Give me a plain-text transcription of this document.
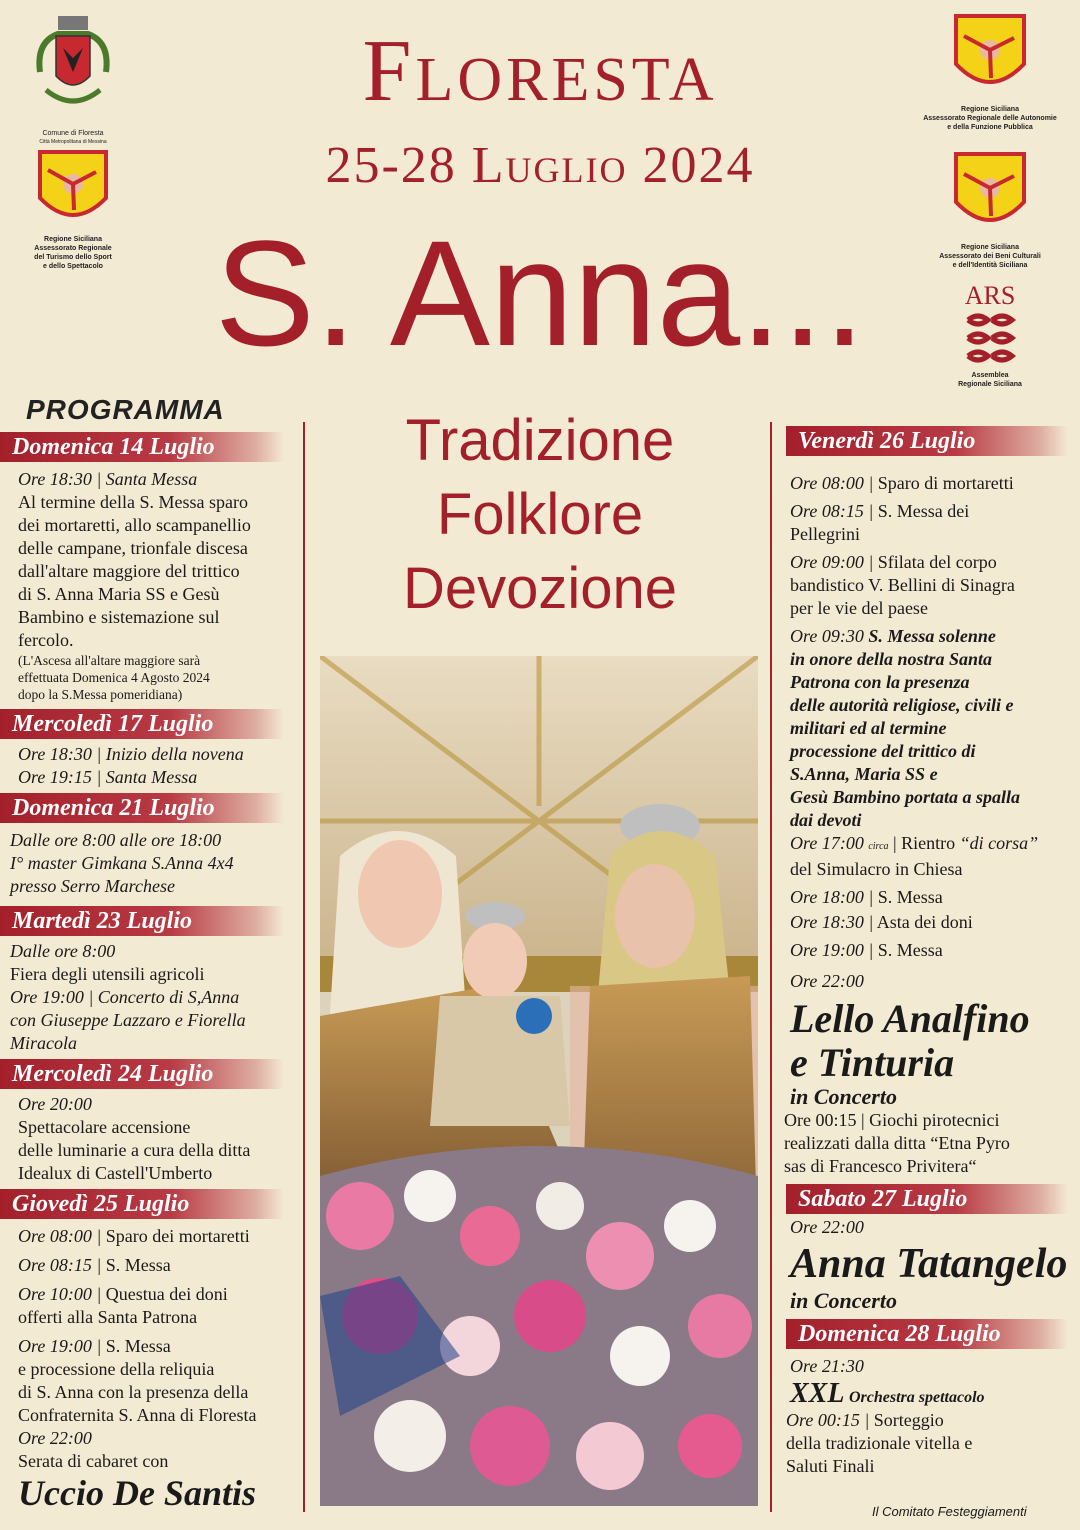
Floresta
25-28 Luglio 2024
S. Anna...
Tradizione
Folklore
Devozione
Comune di Floresta
Città Metropolitana di Messina
Regione Siciliana
Assessorato Regionale
del Turismo dello Sport
e dello Spettacolo
Regione Siciliana
Assessorato Regionale delle Autonomie
e della Funzione Pubblica
Regione Siciliana
Assessorato dei Beni Culturali
e dell'Identità Siciliana
ARS
Assemblea
Regionale Siciliana
PROGRAMMA
Domenica 14 Luglio

Ore 18:30 | Santa Messa

Al termine della S. Messa sparo

dei mortaretti, allo scampanellio

delle campane, trionfale discesa

dall'altare maggiore del trittico

di S. Anna Maria SS e Gesù

Bambino e sistemazione sul

fercolo.

(L'Ascesa all'altare maggiore sarà

effettuata Domenica 4 Agosto 2024

dopo la S.Messa pomeridiana)

Mercoledì 17 Luglio

Ore 18:30 | Inizio della novena

Ore 19:15 | Santa Messa

Domenica 21 Luglio

Dalle ore 8:00 alle ore 18:00

I° master Gimkana S.Anna 4x4

presso Serro Marchese

Martedì 23 Luglio

Dalle ore 8:00

Fiera degli utensili agricoli

Ore 19:00 | Concerto di S,Anna

con Giuseppe Lazzaro e Fiorella

Miracola

Mercoledì 24 Luglio

Ore 20:00

Spettacolare accensione

delle luminarie a cura della ditta

Idealux di Castell'Umberto

Giovedì 25 Luglio

Ore 08:00 | Sparo dei mortaretti

Ore 08:15 | S. Messa

Ore 10:00 | Questua dei doni

offerti alla Santa Patrona

Ore 19:00 | S. Messa

e processione della reliquia

di S. Anna con la presenza della

Confraternita S. Anna di Floresta

Ore 22:00

Serata di cabaret con

Uccio De Santis

Venerdì 26 Luglio

Ore 08:00 | Sparo di mortaretti

Ore 08:15 | S. Messa dei

Pellegrini

Ore 09:00 | Sfilata del corpo

bandistico V. Bellini di Sinagra

per le vie del paese

Ore 09:30 S. Messa solenne

in onore della nostra Santa

Patrona con la presenza

delle autorità religiose, civili e

militari ed al termine

processione del trittico di

S.Anna, Maria SS e

Gesù Bambino portata a spalla

dai devoti

Ore 17:00 circa | Rientro “di corsa”

del Simulacro in Chiesa

Ore 18:00 | S. Messa

Ore 18:30 | Asta dei doni

Ore 19:00 | S. Messa

Ore 22:00

Lello Analfino

e Tinturia

in Concerto

Ore 00:15 | Giochi pirotecnici

realizzati dalla ditta “Etna Pyro

sas di Francesco Privitera“

Sabato 27 Luglio

Ore 22:00

Anna Tatangelo

in Concerto

Domenica 28 Luglio

Ore 21:30

XXL Orchestra spettacolo

Ore 00:15 | Sorteggio

della tradizionale vitella e

Saluti Finali

Il Comitato Festeggiamenti
